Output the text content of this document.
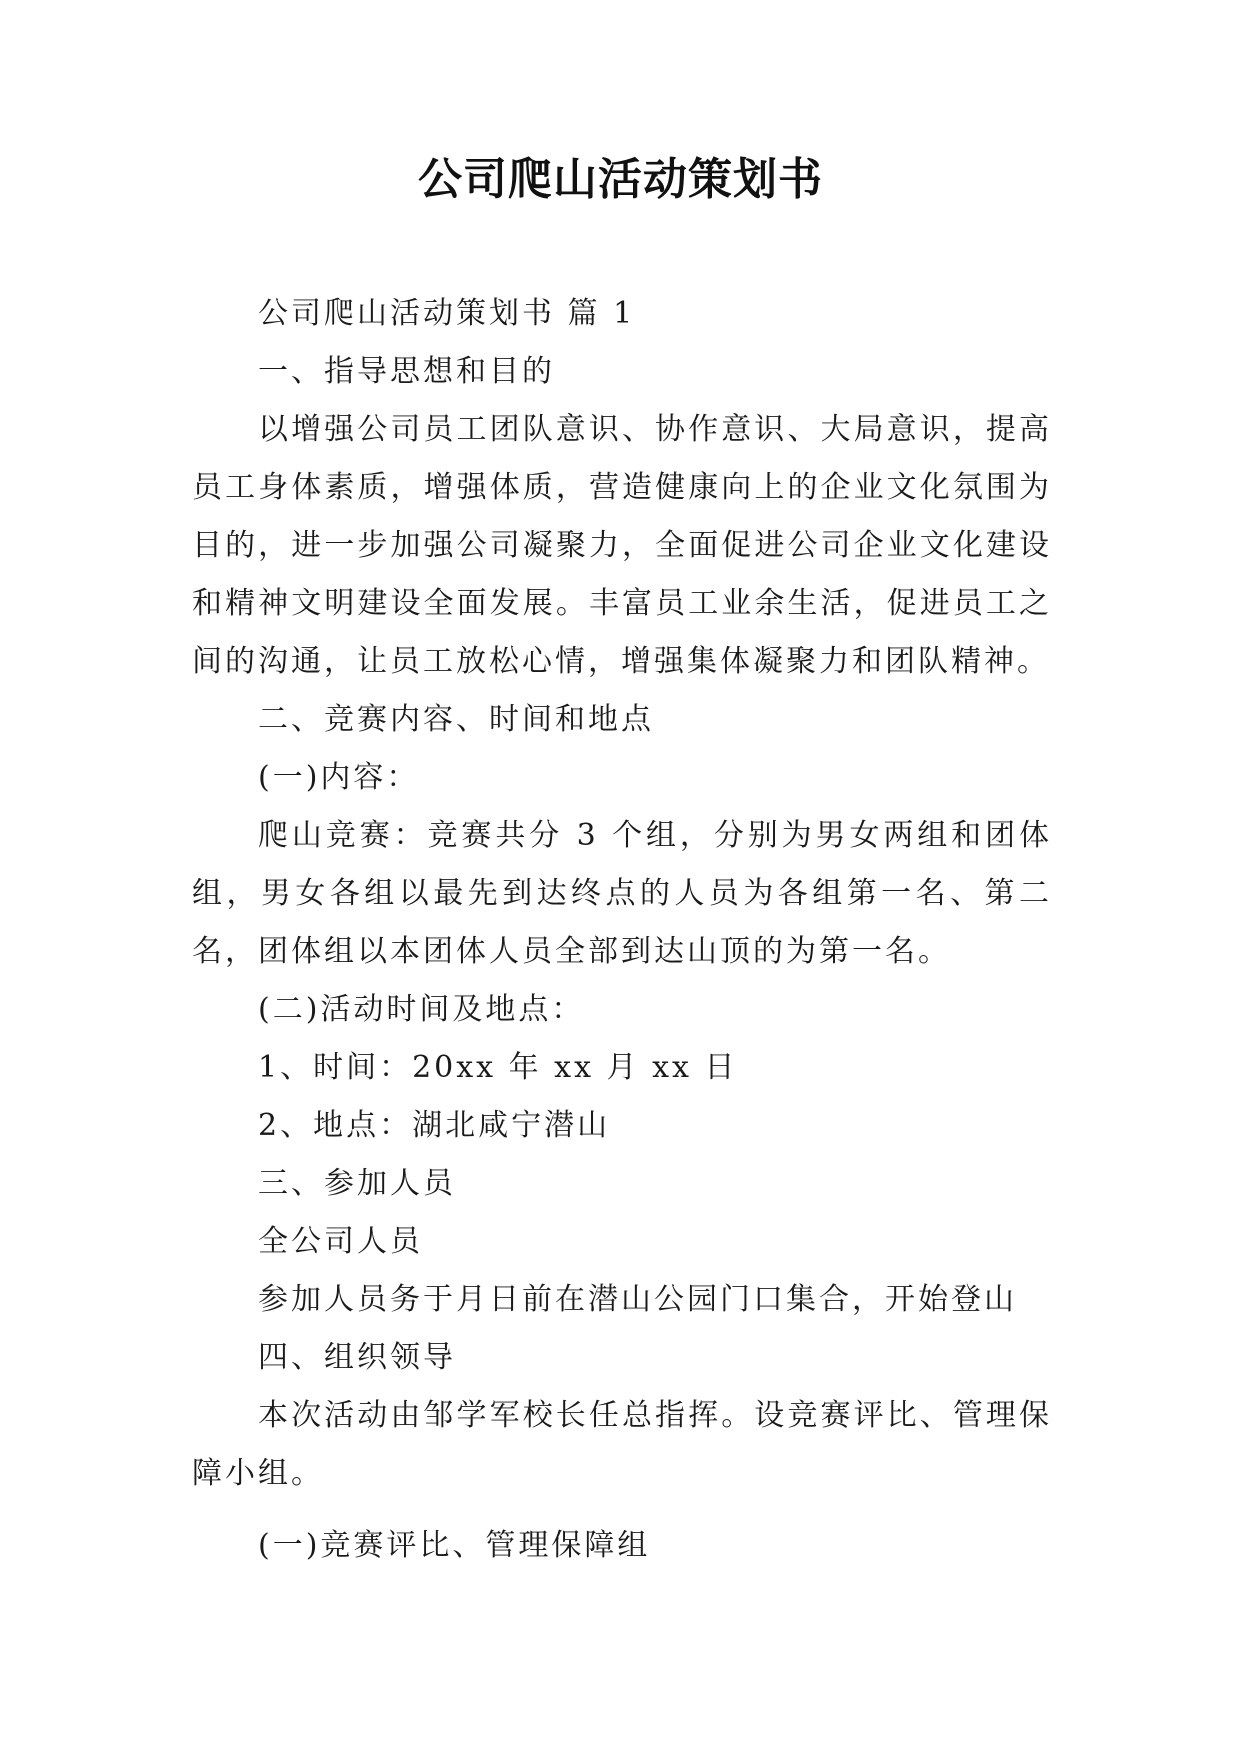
公司爬山活动策划书

公司爬山活动策划书 篇 1

一、指导思想和目的

以增强公司员工团队意识、协作意识、大局意识，提高员工身体素质，增强体质，营造健康向上的企业文化氛围为目的，进一步加强公司凝聚力，全面促进公司企业文化建设和精神文明建设全面发展。丰富员工业余生活，促进员工之间的沟通，让员工放松心情，增强集体凝聚力和团队精神。

二、竞赛内容、时间和地点

(一)内容：

爬山竞赛：竞赛共分 3 个组，分别为男女两组和团体组，男女各组以最先到达终点的人员为各组第一名、第二名，团体组以本团体人员全部到达山顶的为第一名。

(二)活动时间及地点：

1、时间：20xx 年 xx 月 xx 日

2、地点：湖北咸宁潜山

三、参加人员

全公司人员

参加人员务于月日前在潜山公园门口集合，开始登山

四、组织领导

本次活动由邹学军校长任总指挥。设竞赛评比、管理保障小组。

(一)竞赛评比、管理保障组
